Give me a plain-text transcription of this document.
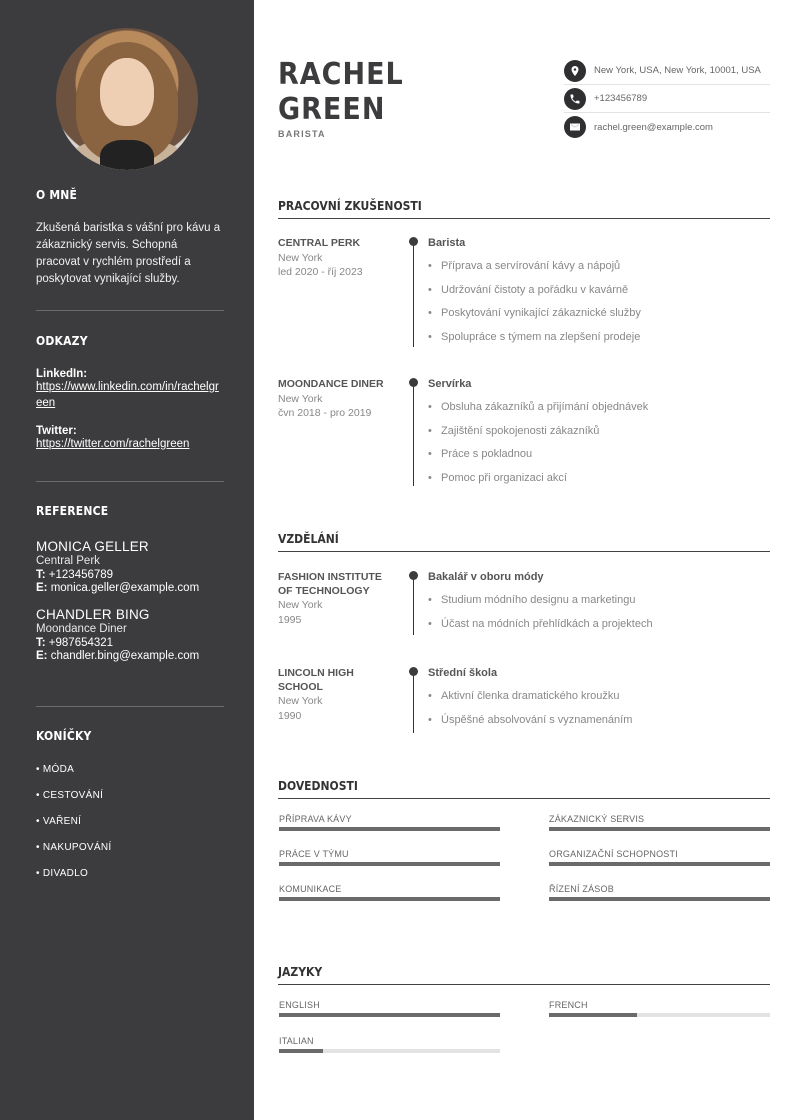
O MNĚ
Zkušená baristka s vášní pro kávu a zákaznický servis. Schopná pracovat v rychlém prostředí a poskytovat vynikající služby.
ODKAZY
LinkedIn:
https://www.linkedin.com/in/rachelgreen
Twitter:
https://twitter.com/rachelgreen
REFERENCE
MONICA GELLER
Central Perk
T: +123456789
E: monica.geller@example.com
CHANDLER BING
Moondance Diner
T: +987654321
E: chandler.bing@example.com
KONÍČKY
• MÓDA
• CESTOVÁNÍ
• VAŘENÍ
• NAKUPOVÁNÍ
• DIVADLO
RACHEL
GREEN
BARISTA
New York, USA, New York, 10001, USA
+123456789
rachel.green@example.com
PRACOVNÍ ZKUŠENOSTI
CENTRAL PERK
New York
led 2020 - říj 2023
Barista
• Příprava a servírování kávy a nápojů
• Udržování čistoty a pořádku v kavárně
• Poskytování vynikající zákaznické služby
• Spolupráce s týmem na zlepšení prodeje
MOONDANCE DINER
New York
čvn 2018 - pro 2019
Servírka
• Obsluha zákazníků a přijímání objednávek
• Zajištění spokojenosti zákazníků
• Práce s pokladnou
• Pomoc při organizaci akcí
VZDĚLÁNÍ
FASHION INSTITUTE OF TECHNOLOGY
New York
1995
Bakalář v oboru módy
• Studium módního designu a marketingu
• Účast na módních přehlídkách a projektech
LINCOLN HIGH SCHOOL
New York
1990
Střední škola
• Aktivní členka dramatického kroužku
• Úspěšné absolvování s vyznamenáním
DOVEDNOSTI
PŘÍPRAVA KÁVY	ZÁKAZNICKÝ SERVIS
PRÁCE V TÝMU	ORGANIZAČNÍ SCHOPNOSTI
KOMUNIKACE	ŘÍZENÍ ZÁSOB
JAZYKY
ENGLISH	FRENCH
ITALIAN
